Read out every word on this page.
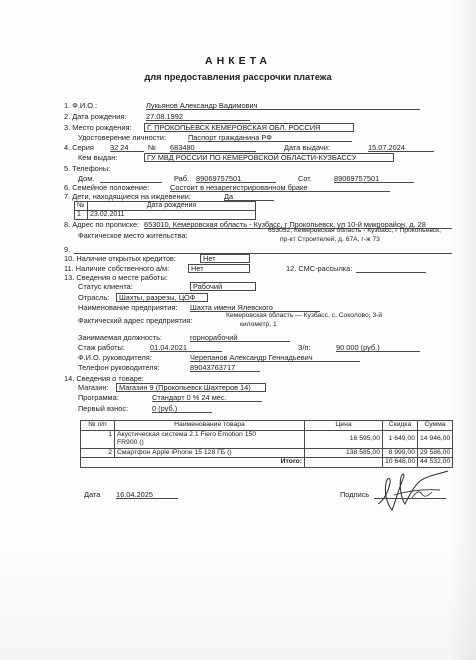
АНКЕТА
для предоставления рассрочки платежа
1. Ф.И.О.:	Лукьянов Александр Вадимович
2. Дата рождения:	27.08.1992
3. Место рождения:	Г. ПРОКОПЬЕВСК КЕМЕРОВСКАЯ ОБЛ. РОССИЯ
Удостоверение личности:	Паспорт гражданина РФ
4. Серия 32 24	№ 683480	Дата выдачи:	15.07.2024
Кем выдан:	ГУ МВД РОССИИ ПО КЕМЕРОВСКОЙ ОБЛАСТИ-КУЗБАССУ
5. Телефоны:
Дом.	Раб. 89069757501	Сот.	89069757501
6. Семейное положение:	Состоит в незарегистрированном браке
7. Дети, находящиеся на иждевении:	Да
№	Дата рождения
1	23.02.2011
8. Адрес по прописке: 653010, Кемеровская область - Кузбасс, г Прокопьевск, ул 10-й микрорайон, д. 28
Фактическое место жительства:
653052, Кемеровская область - Кузбасс, г Прокопьевск,
пр-кт Строителей, д. 67А, г-ж 73
9.
10. Наличие открытых кредитов:	Нет
11. Наличие собственного а/м:	Нет	12. СМС-рассылка:
13. Сведения о месте работы:
Статус клиента:	Рабочий
Отрасль:	Шахты, разрезы, ЦОФ
Наименование предприятия: Шахта имени Ялевского
Фактический адрес предприятия:
Кемеровская область — Кузбасс, с. Соколово, 3-й
километр, 1
Занимаемая должность:	горнорабочий
Стаж работы:	01.04.2021	З/п:	90 000 (руб.)
Ф.И.О. руководителя:	Черепанов Александр Геннадьевич
Телефон руководителя:	89043763717
14. Сведения о товаре:
Магазин:	Магазин 9 (Прокопьевск Шахтеров 14)
Программа:	Стандарт 0 % 24 мес.
Первый взнос:	0 (руб.)
№ п/п	Наименование товара	Цена	Скидка	Сумма
1	Акустическая система 2.1 Fiero Emotion 150 FR900 ()	16 595,00	1 649,00	14 946,00
2	Смартфон Apple iPhone 15 128 ГБ ()	138 585,00	8 999,00	29 586,00
Итого:			10 648,00	44 532,00
Дата 16.04.2025	Подпись
